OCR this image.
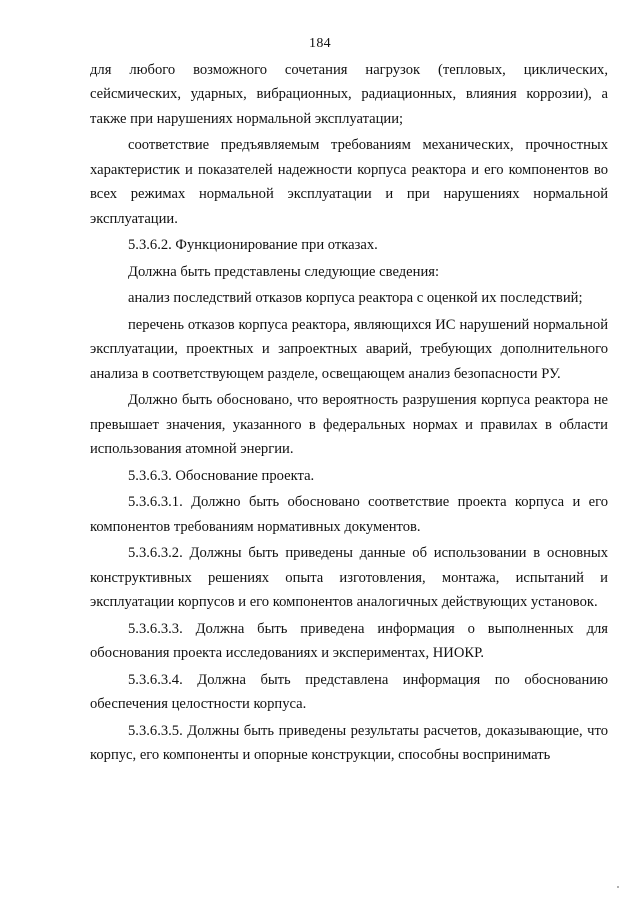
184

для любого возможного сочетания нагрузок (тепловых, циклических, сейсмических, ударных, вибрационных, радиационных, влияния коррозии), а также при нарушениях нормальной эксплуатации;

соответствие предъявляемым требованиям механических, прочностных характеристик и показателей надежности корпуса реактора и его компонентов во всех режимах нормальной эксплуатации и при нарушениях нормальной эксплуатации.

5.3.6.2. Функционирование при отказах.

Должна быть представлены следующие сведения:

анализ последствий отказов корпуса реактора с оценкой их последствий;

перечень отказов корпуса реактора, являющихся ИС нарушений нормальной эксплуатации, проектных и запроектных аварий, требующих дополнительного анализа в соответствующем разделе, освещающем анализ безопасности РУ.

Должно быть обосновано, что вероятность разрушения корпуса реактора не превышает значения, указанного в федеральных нормах и правилах в области использования атомной энергии.

5.3.6.3. Обоснование проекта.

5.3.6.3.1. Должно быть обосновано соответствие проекта корпуса и его компонентов требованиям нормативных документов.

5.3.6.3.2. Должны быть приведены данные об использовании в основных конструктивных решениях опыта изготовления, монтажа, испытаний и эксплуатации корпусов и его компонентов аналогичных действующих установок.

5.3.6.3.3. Должна быть приведена информация о выполненных для обоснования проекта исследованиях и экспериментах, НИОКР.

5.3.6.3.4. Должна быть представлена информация по обоснованию обеспечения целостности корпуса.

5.3.6.3.5. Должны быть приведены результаты расчетов, доказывающие, что корпус, его компоненты и опорные конструкции, способны воспринимать
